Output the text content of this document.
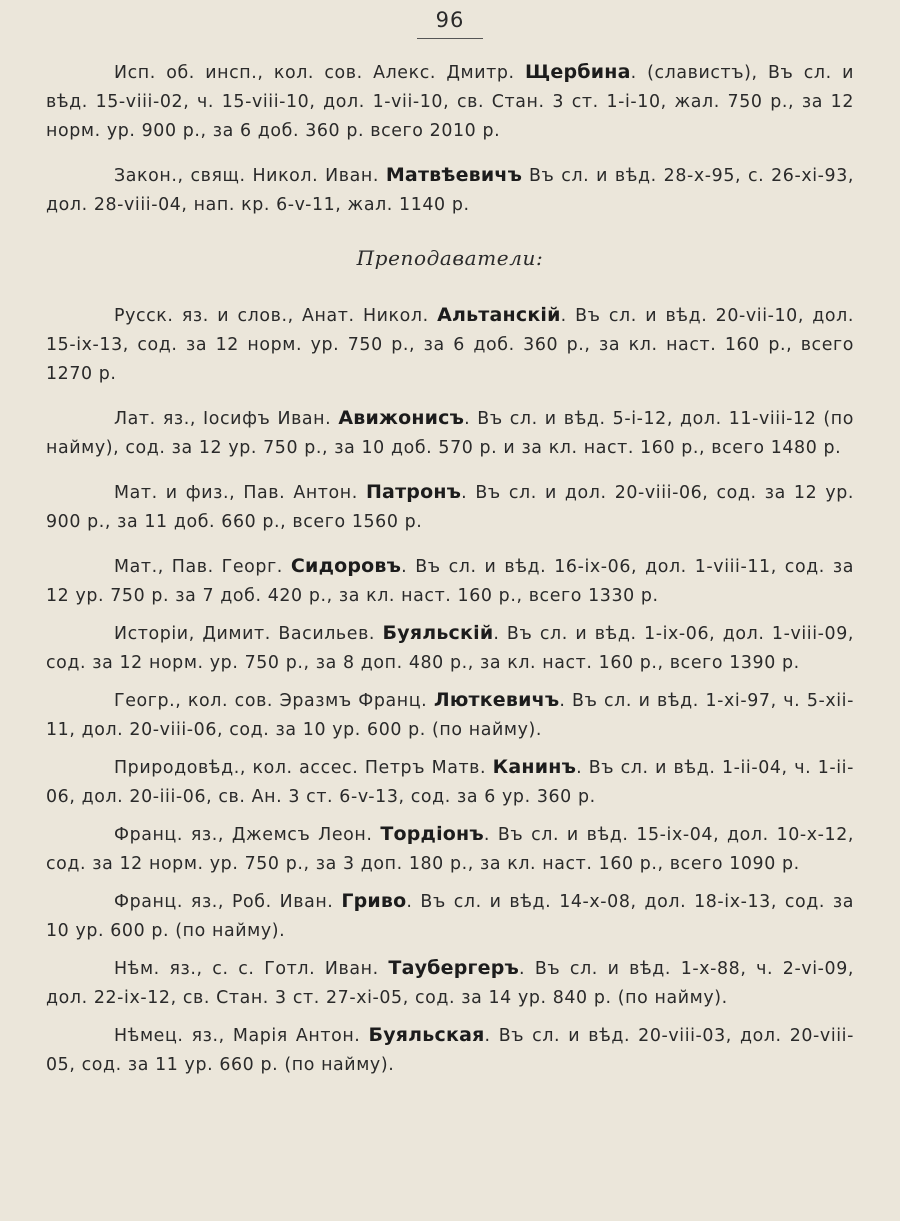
96

Исп. об. инсп., кол. сов. Алекс. Дмитр. Щербина. (славистъ), Въ сл. и вѣд. 15-viii-02, ч. 15-viii-10, дол. 1-vii-10, св. Стан. 3 ст. 1-i-10, жал. 750 р., за 12 норм. ур. 900 р., за 6 доб. 360 р. всего 2010 р.

Закон., свящ. Никол. Иван. Матвѣевичъ Въ сл. и вѣд. 28-x-95, с. 26-xi-93, дол. 28-viii-04, нап. кр. 6-v-11, жал. 1140 р.

Преподаватели:

Русск. яз. и слов., Анат. Никол. Альтанскій. Въ сл. и вѣд. 20-vii-10, дол. 15-ix-13, сод. за 12 норм. ур. 750 р., за 6 доб. 360 р., за кл. наст. 160 р., всего 1270 р.

Лат. яз., Іосифъ Иван. Авижонисъ. Въ сл. и вѣд. 5-i-12, дол. 11-viii-12 (по найму), сод. за 12 ур. 750 р., за 10 доб. 570 р. и за кл. наст. 160 р., всего 1480 р.

Мат. и физ., Пав. Антон. Патронъ. Въ сл. и дол. 20-viii-06, сод. за 12 ур. 900 р., за 11 доб. 660 р., всего 1560 р.

Мат., Пав. Георг. Сидоровъ. Въ сл. и вѣд. 16-ix-06, дол. 1-viii-11, сод. за 12 ур. 750 р. за 7 доб. 420 р., за кл. наст. 160 р., всего 1330 р.

Исторіи, Димит. Васильев. Буяльскій. Въ сл. и вѣд. 1-ix-06, дол. 1-viii-09, сод. за 12 норм. ур. 750 р., за 8 доп. 480 р., за кл. наст. 160 р., всего 1390 р.

Геогр., кол. сов. Эразмъ Франц. Люткевичъ. Въ сл. и вѣд. 1-xi-97, ч. 5-xii-11, дол. 20-viii-06, сод. за 10 ур. 600 р. (по найму).

Природовѣд., кол. ассес. Петръ Матв. Канинъ. Въ сл. и вѣд. 1-ii-04, ч. 1-ii-06, дол. 20-iii-06, св. Ан. 3 ст. 6-v-13, сод. за 6 ур. 360 р.

Франц. яз., Джемсъ Леон. Тордіонъ. Въ сл. и вѣд. 15-ix-04, дол. 10-x-12, сод. за 12 норм. ур. 750 р., за 3 доп. 180 р., за кл. наст. 160 р., всего 1090 р.

Франц. яз., Роб. Иван. Гриво. Въ сл. и вѣд. 14-x-08, дол. 18-ix-13, сод. за 10 ур. 600 р. (по найму).

Нѣм. яз., с. с. Готл. Иван. Таубергеръ. Въ сл. и вѣд. 1-x-88, ч. 2-vi-09, дол. 22-ix-12, св. Стан. 3 ст. 27-xi-05, сод. за 14 ур. 840 р. (по найму).

Нѣмец. яз., Марія Антон. Буяльская. Въ сл. и вѣд. 20-viii-03, дол. 20-viii-05, сод. за 11 ур. 660 р. (по найму).
